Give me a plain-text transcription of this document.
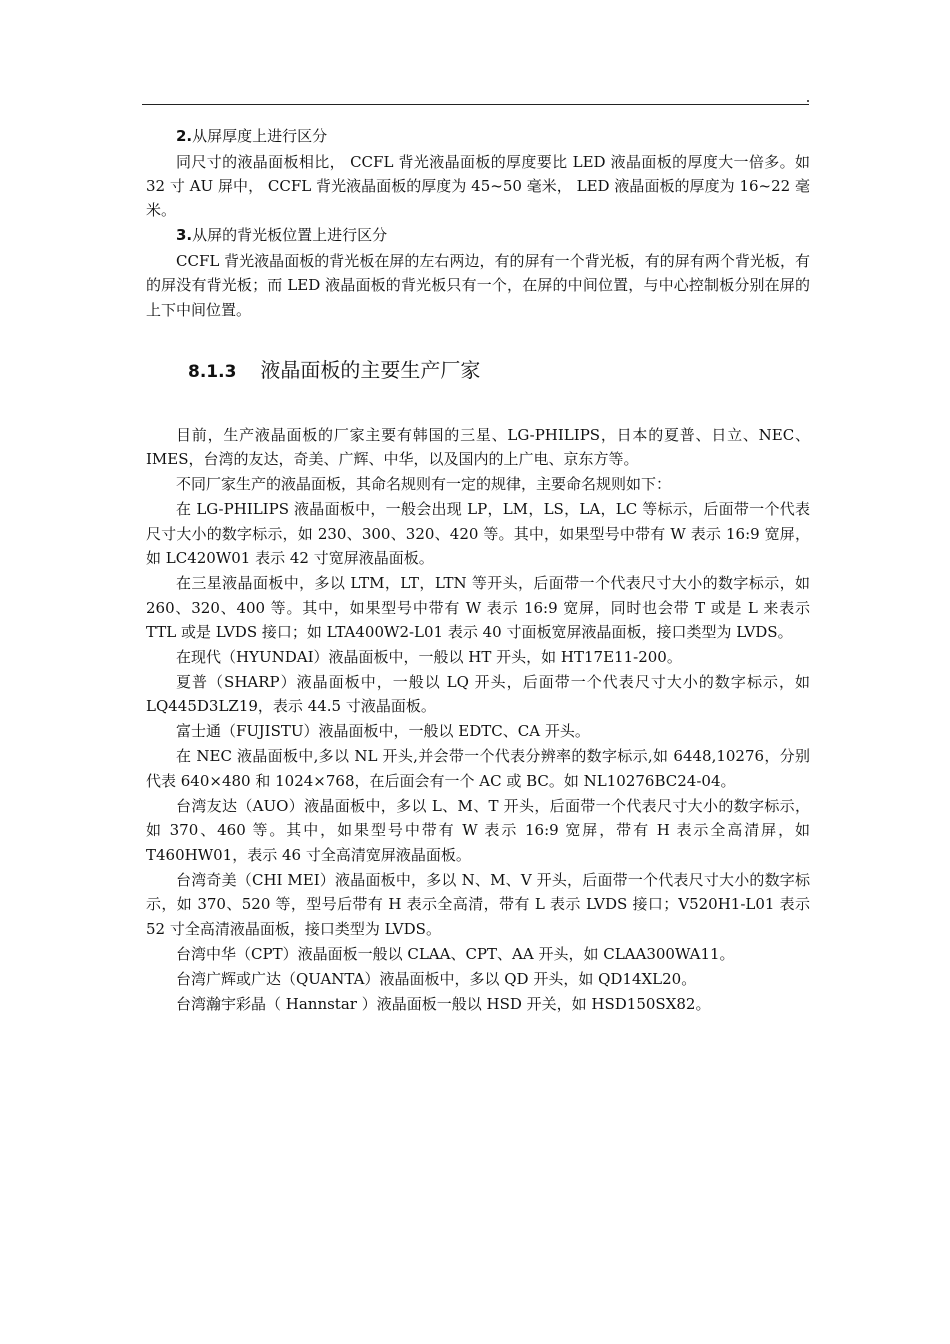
2.从屏厚度上进行区分

同尺寸的液晶面板相比， CCFL 背光液晶面板的厚度要比 LED 液晶面板的厚度大一倍多。如 32 寸 AU 屏中， CCFL 背光液晶面板的厚度为 45~50 毫米， LED 液晶面板的厚度为 16~22 毫米。

3.从屏的背光板位置上进行区分

CCFL 背光液晶面板的背光板在屏的左右两边，有的屏有一个背光板，有的屏有两个背光板，有的屏没有背光板；而 LED 液晶面板的背光板只有一个，在屏的中间位置，与中心控制板分别在屏的上下中间位置。

8.1.3 液晶面板的主要生产厂家

目前，生产液晶面板的厂家主要有韩国的三星、LG-PHILIPS，日本的夏普、日立、NEC、IMES，台湾的友达，奇美、广辉、中华，以及国内的上广电、京东方等。

不同厂家生产的液晶面板，其命名规则有一定的规律，主要命名规则如下：

在 LG-PHILIPS 液晶面板中，一般会出现 LP，LM，LS，LA，LC 等标示，后面带一个代表尺寸大小的数字标示，如 230、300、320、420 等。其中，如果型号中带有 W 表示 16:9 宽屏，如 LC420W01 表示 42 寸宽屏液晶面板。

在三星液晶面板中，多以 LTM，LT，LTN 等开头，后面带一个代表尺寸大小的数字标示，如 260、320、400 等。其中，如果型号中带有 W 表示 16:9 宽屏，同时也会带 T 或是 L 来表示 TTL 或是 LVDS 接口；如 LTA400W2-L01 表示 40 寸面板宽屏液晶面板，接口类型为 LVDS。

在现代（HYUNDAI）液晶面板中，一般以 HT 开头，如 HT17E11-200。

夏普（SHARP）液晶面板中，一般以 LQ 开头，后面带一个代表尺寸大小的数字标示，如 LQ445D3LZ19，表示 44.5 寸液晶面板。

富士通（FUJISTU）液晶面板中，一般以 EDTC、CA 开头。

在 NEC 液晶面板中,多以 NL 开头,并会带一个代表分辨率的数字标示,如 6448,10276，分别代表 640×480 和 1024×768，在后面会有一个 AC 或 BC。如 NL10276BC24-04。

台湾友达（AUO）液晶面板中，多以 L、M、T 开头，后面带一个代表尺寸大小的数字标示，如 370、460 等。其中，如果型号中带有 W 表示 16:9 宽屏，带有 H 表示全高清屏，如 T460HW01，表示 46 寸全高清宽屏液晶面板。

台湾奇美（CHI MEI）液晶面板中，多以 N、M、V 开头，后面带一个代表尺寸大小的数字标示，如 370、520 等，型号后带有 H 表示全高清，带有 L 表示 LVDS 接口；V520H1-L01 表示 52 寸全高清液晶面板，接口类型为 LVDS。

台湾中华（CPT）液晶面板一般以 CLAA、CPT、AA 开头，如 CLAA300WA11。

台湾广辉或广达（QUANTA）液晶面板中，多以 QD 开头，如 QD14XL20。

台湾瀚宇彩晶（ Hannstar ）液晶面板一般以 HSD 开关，如 HSD150SX82。
